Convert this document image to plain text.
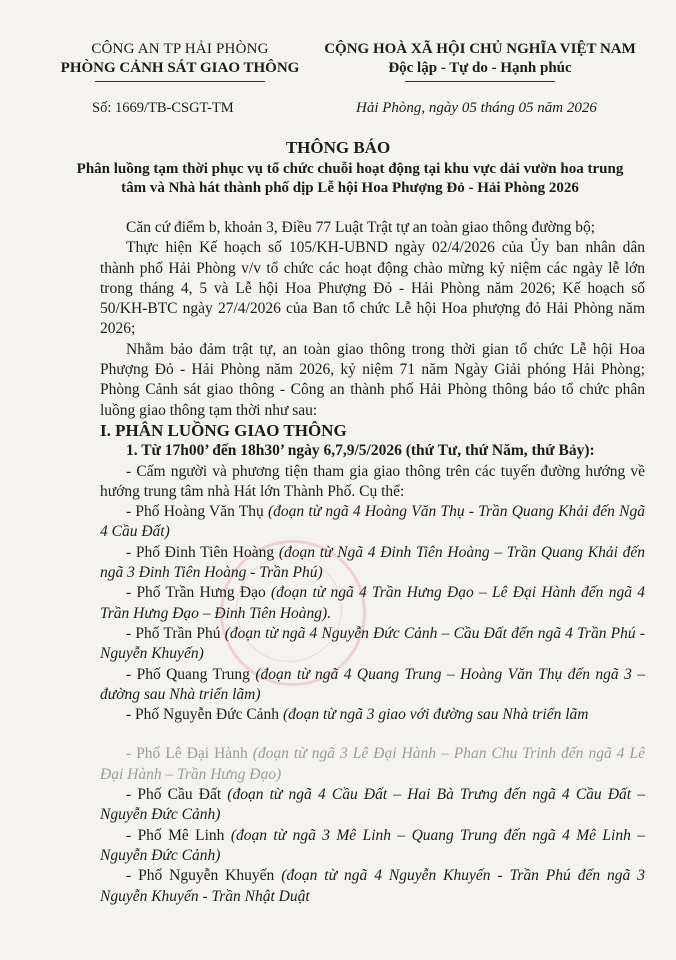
CÔNG AN TP HẢI PHÒNG
PHÒNG CẢNH SÁT GIAO THÔNG
CỘNG HOÀ XÃ HỘI CHỦ NGHĨA VIỆT NAM
Độc lập - Tự do - Hạnh phúc
Số: 1669/TB-CSGT-TM	Hải Phòng, ngày 05 tháng 05 năm 2026
THÔNG BÁO
Phân luồng tạm thời phục vụ tổ chức chuỗi hoạt động tại khu vực dải vườn hoa trung tâm và Nhà hát thành phố dịp Lễ hội Hoa Phượng Đỏ - Hải Phòng 2026

Căn cứ điểm b, khoản 3, Điều 77 Luật Trật tự an toàn giao thông đường bộ;

Thực hiện Kế hoạch số 105/KH-UBND ngày 02/4/2026 của Ủy ban nhân dân thành phố Hải Phòng v/v tổ chức các hoạt động chào mừng kỷ niệm các ngày lễ lớn trong tháng 4, 5 và Lễ hội Hoa Phượng Đỏ - Hải Phòng năm 2026; Kế hoạch số 50/KH-BTC ngày 27/4/2026 của Ban tổ chức Lễ hội Hoa phượng đỏ Hải Phòng năm 2026;

Nhằm bảo đảm trật tự, an toàn giao thông trong thời gian tổ chức Lễ hội Hoa Phượng Đỏ - Hải Phòng năm 2026, kỷ niệm 71 năm Ngày Giải phóng Hải Phòng; Phòng Cảnh sát giao thông - Công an thành phố Hải Phòng thông báo tổ chức phân luồng giao thông tạm thời như sau:

I. PHÂN LUỒNG GIAO THÔNG

1. Từ 17h00’ đến 18h30’ ngày 6,7,9/5/2026 (thứ Tư, thứ Năm, thứ Bảy):

- Cấm người và phương tiện tham gia giao thông trên các tuyến đường hướng về hướng trung tâm nhà Hát lớn Thành Phố. Cụ thể:

- Phố Hoàng Văn Thụ (đoạn từ ngã 4 Hoàng Văn Thụ - Trần Quang Khải đến Ngã 4 Cầu Đất)

- Phố Đinh Tiên Hoàng (đoạn từ Ngã 4 Đinh Tiên Hoàng – Trần Quang Khải đến ngã 3 Đinh Tiên Hoàng - Trần Phú)

- Phố Trần Hưng Đạo (đoạn từ ngã 4 Trần Hưng Đạo – Lê Đại Hành đến ngã 4 Trần Hưng Đạo – Đinh Tiên Hoàng).

- Phố Trần Phú (đoạn từ ngã 4 Nguyễn Đức Cảnh – Cầu Đất đến ngã 4 Trần Phú - Nguyễn Khuyến)

- Phố Quang Trung (đoạn từ ngã 4 Quang Trung – Hoàng Văn Thụ đến ngã 3 – đường sau Nhà triển lãm)

- Phố Nguyễn Đức Cảnh (đoạn từ ngã 3 giao với đường sau Nhà triển lãm

- Phố Lê Đại Hành (đoạn từ ngã 3 Lê Đại Hành – Phan Chu Trinh đến ngã 4 Lê Đại Hành – Trần Hưng Đạo)

- Phố Cầu Đất (đoạn từ ngã 4 Cầu Đất – Hai Bà Trưng đến ngã 4 Cầu Đất – Nguyễn Đức Cảnh)

- Phố Mê Linh (đoạn từ ngã 3 Mê Linh – Quang Trung đến ngã 4 Mê Linh – Nguyễn Đức Cảnh)

- Phố Nguyễn Khuyến (đoạn từ ngã 4 Nguyễn Khuyến - Trần Phú đến ngã 3 Nguyễn Khuyến - Trần Nhật Duật
